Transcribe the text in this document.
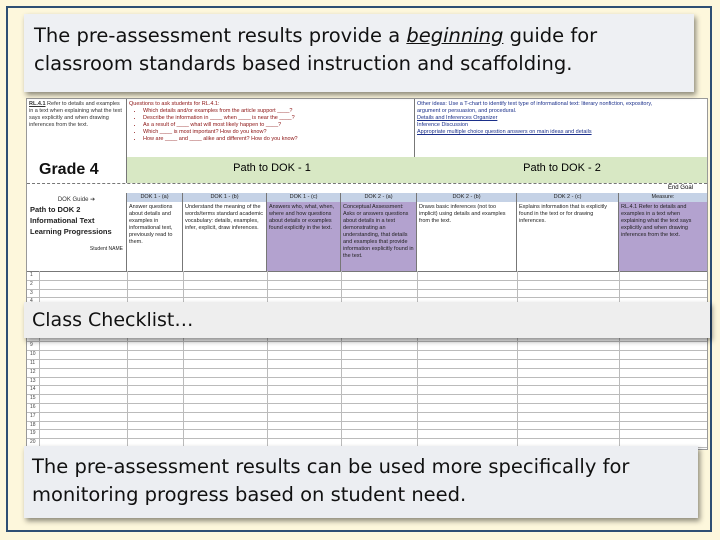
RL.4.1 Refer to details and examples in a text when explaining what the text says explicitly and when drawing inferences from the text.
Questions to ask students for RL.4.1:
• Which details and/or examples from the article support ____?
• Describe the information in ____ when ____ is near the ____?
• As a result of ____ what will most likely happen to ____?
• Which ____ is most important? How do you know?
• How are ____ and ____ alike and different? How do you know?
Other ideas: Use a T-chart to identify text type of informational text: literary nonfiction, expository,
argument or persuasion, and procedural.
Details and Inferences Organizer
Inference Discussion
Appropriate multiple choice question answers on main ideas and details
Grade 4	Path to DOK - 1	Path to DOK - 2
End Goal
DOK Guide ➔
Path to DOK 2 Informational Text Learning Progressions
Student NAME
DOK 1 - (a)
Answer questions about details and examples in informational text, previously read to them.
DOK 1 - (b)
Understand the meaning of the words/terms standard academic vocabulary: details, examples, infer, explicit, draw inferences.
DOK 1 - (c)
Answers who, what, when, where and how questions about details or examples found explicitly in the text.
DOK 2 - (a)
Conceptual Assessment: Asks or answers questions about details in a text demonstrating an understanding, that details and examples that provide information explicitly found in the text.
DOK 2 - (b)
Draws basic inferences (not too implicit) using details and examples from the text.
DOK 2 - (c)
Explains information that is explicitly found in the text or for drawing inferences.
Measure:
RL.4.1 Refer to details and examples in a text when explaining what the text says explicitly and when drawing inferences from the text.
1
2
3
9
10
11
12
13
14
15
16
17
18
19
20
The pre-assessment results provide a beginning guide for classroom standards based instruction and scaffolding.
Class Checklist…
The pre-assessment results can be used more specifically for monitoring progress based on student need.
